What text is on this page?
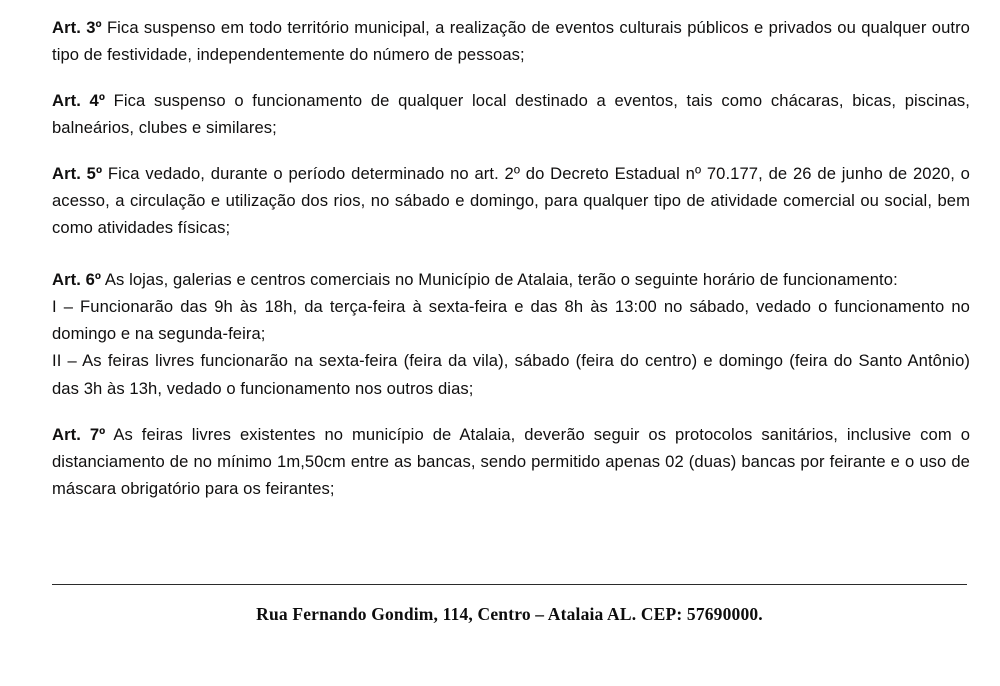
Art. 3º Fica suspenso em todo território municipal, a realização de eventos culturais públicos e privados ou qualquer outro tipo de festividade, independentemente do número de pessoas;

Art. 4º Fica suspenso o funcionamento de qualquer local destinado a eventos, tais como chácaras, bicas, piscinas, balneários, clubes e similares;

Art. 5º Fica vedado, durante o período determinado no art. 2º do Decreto Estadual nº 70.177, de 26 de junho de 2020, o acesso, a circulação e utilização dos rios, no sábado e domingo, para qualquer tipo de atividade comercial ou social, bem como atividades físicas;

Art. 6º As lojas, galerias e centros comerciais no Município de Atalaia, terão o seguinte horário de funcionamento:

I – Funcionarão das 9h às 18h, da terça-feira à sexta-feira e das 8h às 13:00 no sábado, vedado o funcionamento no domingo e na segunda-feira;

II – As feiras livres funcionarão na sexta-feira (feira da vila), sábado (feira do centro) e domingo (feira do Santo Antônio) das 3h às 13h, vedado o funcionamento nos outros dias;

Art. 7º As feiras livres existentes no município de Atalaia, deverão seguir os protocolos sanitários, inclusive com o distanciamento de no mínimo 1m,50cm entre as bancas, sendo permitido apenas 02 (duas) bancas por feirante e o uso de máscara obrigatório para os feirantes;

Rua Fernando Gondim, 114, Centro – Atalaia AL. CEP: 57690000.
